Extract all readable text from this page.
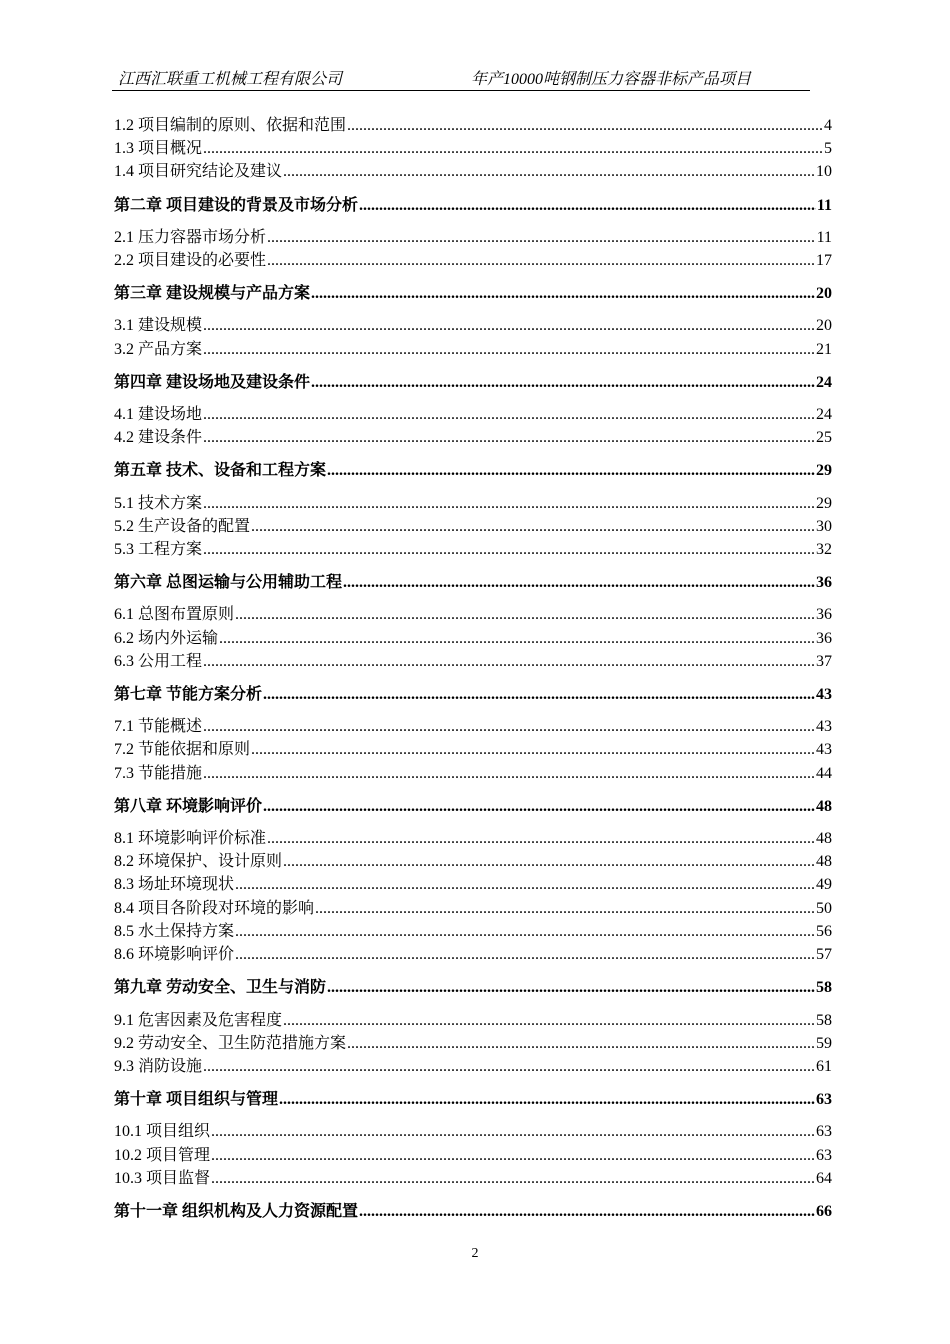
江西汇联重工机械工程有限公司	年产10000吨钢制压力容器非标产品项目
1.2 项目编制的原则、依据和范围 .....	4
1.3 项目概况 .....	5
1.4 项目研究结论及建议 .....	10
第二章 项目建设的背景及市场分析 .....	11
2.1 压力容器市场分析 .....	11
2.2 项目建设的必要性 .....	17
第三章 建设规模与产品方案 .....	20
3.1 建设规模 .....	20
3.2 产品方案 .....	21
第四章 建设场地及建设条件 .....	24
4.1 建设场地 .....	24
4.2 建设条件 .....	25
第五章 技术、设备和工程方案 .....	29
5.1 技术方案 .....	29
5.2 生产设备的配置 .....	30
5.3 工程方案 .....	32
第六章 总图运输与公用辅助工程 .....	36
6.1 总图布置原则 .....	36
6.2 场内外运输 .....	36
6.3 公用工程 .....	37
第七章 节能方案分析 .....	43
7.1 节能概述 .....	43
7.2 节能依据和原则 .....	43
7.3 节能措施 .....	44
第八章 环境影响评价 .....	48
8.1 环境影响评价标准 .....	48
8.2 环境保护、设计原则 .....	48
8.3 场址环境现状 .....	49
8.4 项目各阶段对环境的影响 .....	50
8.5 水土保持方案 .....	56
8.6 环境影响评价 .....	57
第九章 劳动安全、卫生与消防 .....	58
9.1 危害因素及危害程度 .....	58
9.2 劳动安全、卫生防范措施方案 .....	59
9.3 消防设施 .....	61
第十章 项目组织与管理 .....	63
10.1 项目组织 .....	63
10.2 项目管理 .....	63
10.3 项目监督 .....	64
第十一章 组织机构及人力资源配置 .....	66
2
